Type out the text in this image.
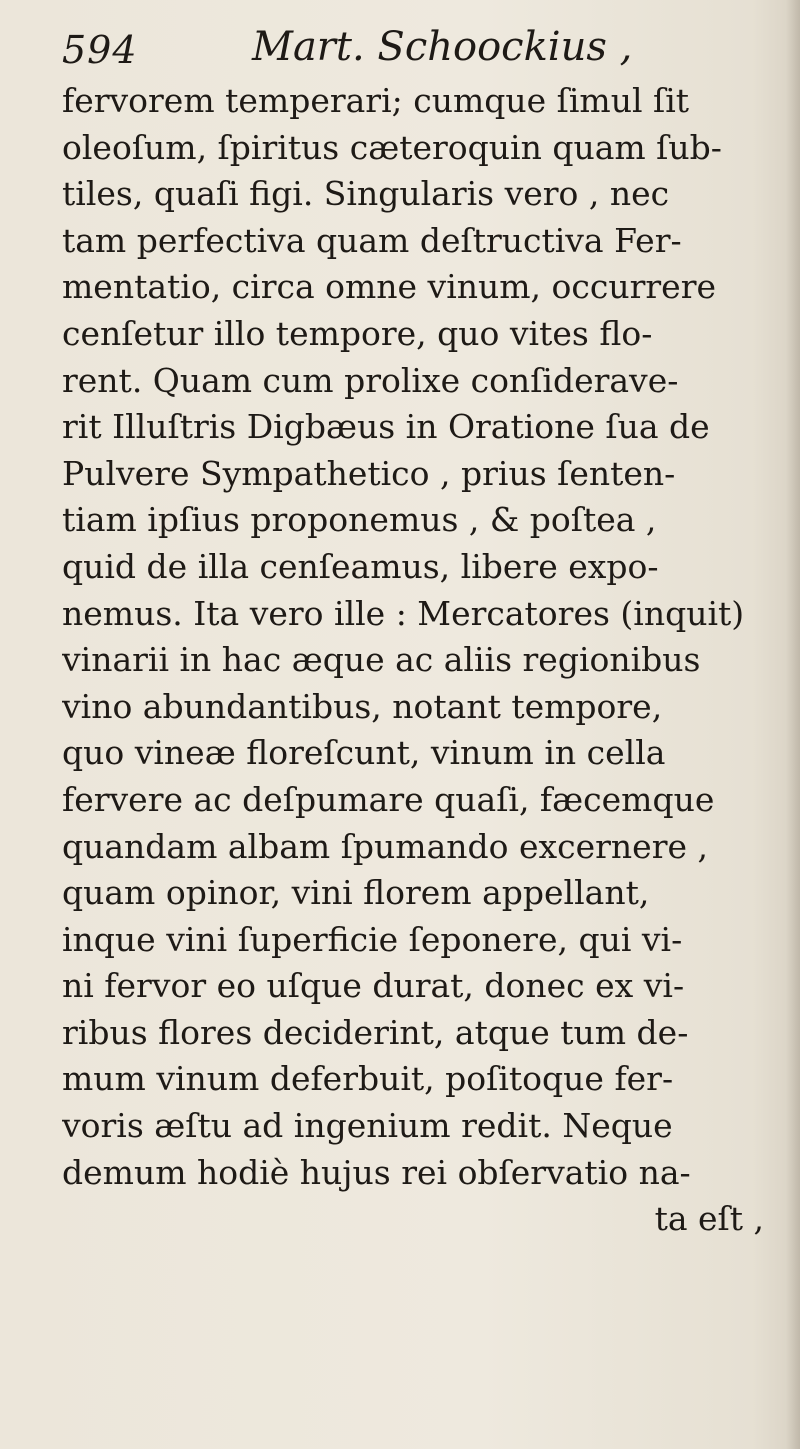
594	Mart. Schoockius ,
fervorem temperari; cumque ſimul ſit
oleoſum, ſpiritus cæteroquin quam ſub-
tiles, quaſi figi. Singularis vero , nec
tam perfectiva quam deſtructiva Fer-
mentatio, circa omne vinum, occurrere
cenſetur illo tempore, quo vites flo-
rent. Quam cum prolixe conſiderave-
rit Illuſtris Digbæus in Oratione ſua de
Pulvere Sympathetico , prius ſenten-
tiam ipſius proponemus , & poſtea ,
quid de illa cenſeamus, libere expo-
nemus. Ita vero ille : Mercatores (inquit)
vinarii in hac æque ac aliis regionibus
vino abundantibus, notant tempore,
quo vineæ floreſcunt, vinum in cella
fervere ac deſpumare quaſi, fæcemque
quandam albam ſpumando excernere ,
quam opinor, vini florem appellant,
inque vini ſuperficie ſeponere, qui vi-
ni fervor eo uſque durat, donec ex vi-
ribus flores deciderint, atque tum de-
mum vinum deferbuit, poſitoque fer-
voris æſtu ad ingenium redit. Neque
demum hodiè hujus rei obſervatio na-
ta eſt ,
